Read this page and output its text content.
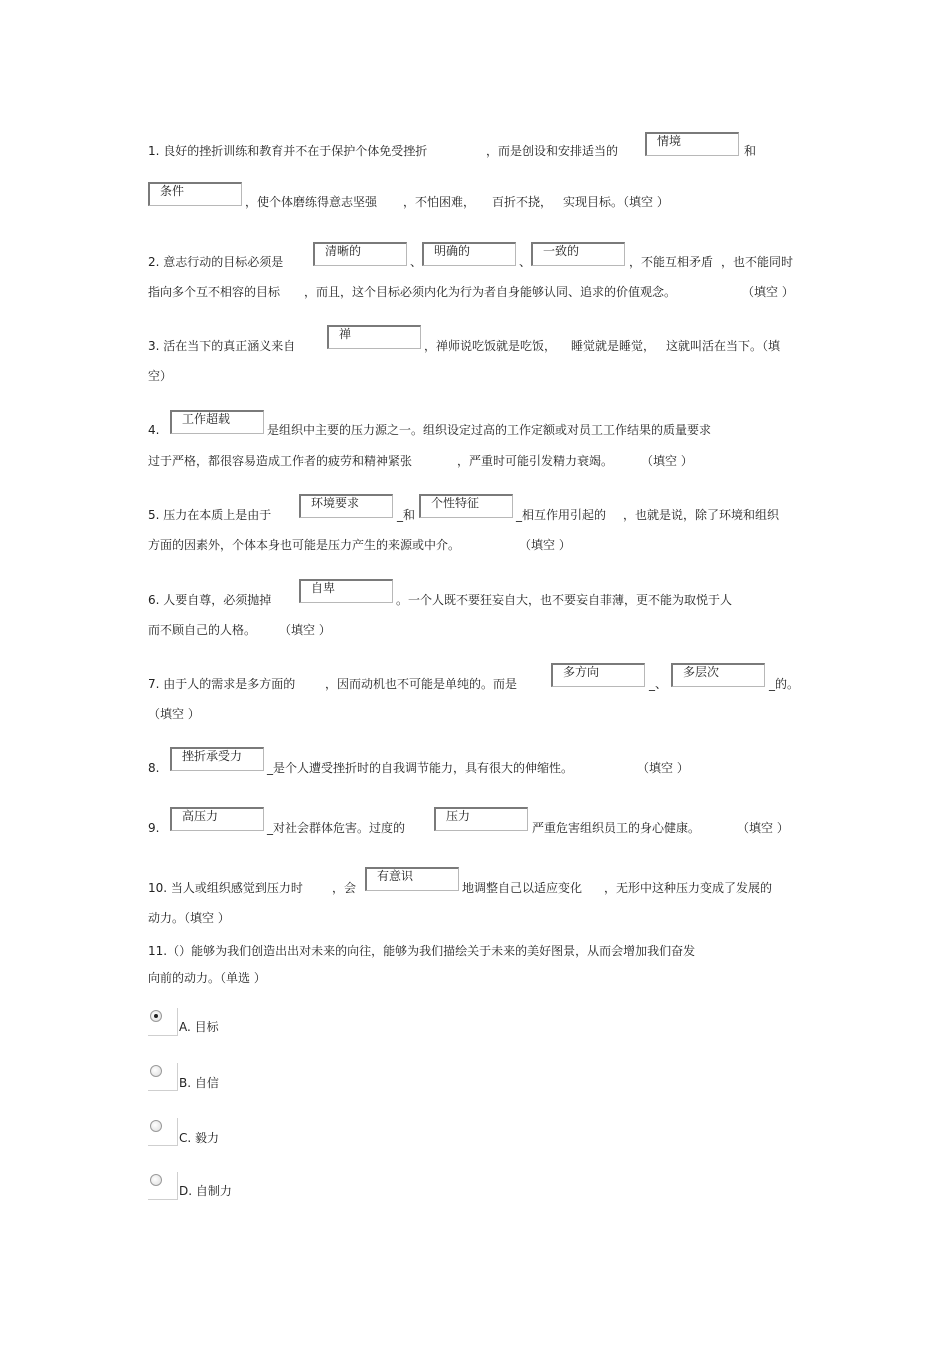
1. 良好的挫折训练和教育并不在于保护个体免受挫折	，而是创设和安排适当的
情境
和
条件
，使个体磨练得意志坚强 ，不怕困难， 百折不挠， 实现目标。（填空 ）
2. 意志行动的目标必须是
清晰的
、
明确的
、
一致的
，不能互相矛盾 ，也不能同时
指向多个互不相容的目标 ，而且，这个目标必须内化为行为者自身能够认同、追求的价值观念。	（填空 ）
3. 活在当下的真正涵义来自
禅
，禅师说吃饭就是吃饭， 睡觉就是睡觉， 这就叫活在当下。（填
空）
4.
工作超载
是组织中主要的压力源之一。组织设定过高的工作定额或对员工工作结果的质量要求
过于严格，都很容易造成工作者的疲劳和精神紧张	，严重时可能引发精力衰竭。 （填空 ）
5. 压力在本质上是由于
环境要求
_和
个性特征
_相互作用引起的 ，也就是说，除了环境和组织
方面的因素外，个体本身也可能是压力产生的来源或中介。	（填空 ）
6. 人要自尊，必须抛掉
自卑
。一个人既不要狂妄自大，也不要妄自菲薄，更不能为取悦于人
而不顾自己的人格。 （填空 ）
7. 由于人的需求是多方面的 ，因而动机也不可能是单纯的。而是
多方向
_、
多层次
_的。
（填空 ）
8.
挫折承受力
_是个人遭受挫折时的自我调节能力，具有很大的伸缩性。	（填空 ）
9.
高压力
_对社会群体危害。过度的
压力
严重危害组织员工的身心健康。	（填空 ）
10. 当人或组织感觉到压力时 ，会
有意识
地调整自己以适应变化 ，无形中这种压力变成了发展的
动力。（填空 ）
11.（）能够为我们创造出出对未来的向往，能够为我们描绘关于未来的美好图景，从而会增加我们奋发
向前的动力。（单选 ）
A. 目标
B. 自信
C. 毅力
D. 自制力
